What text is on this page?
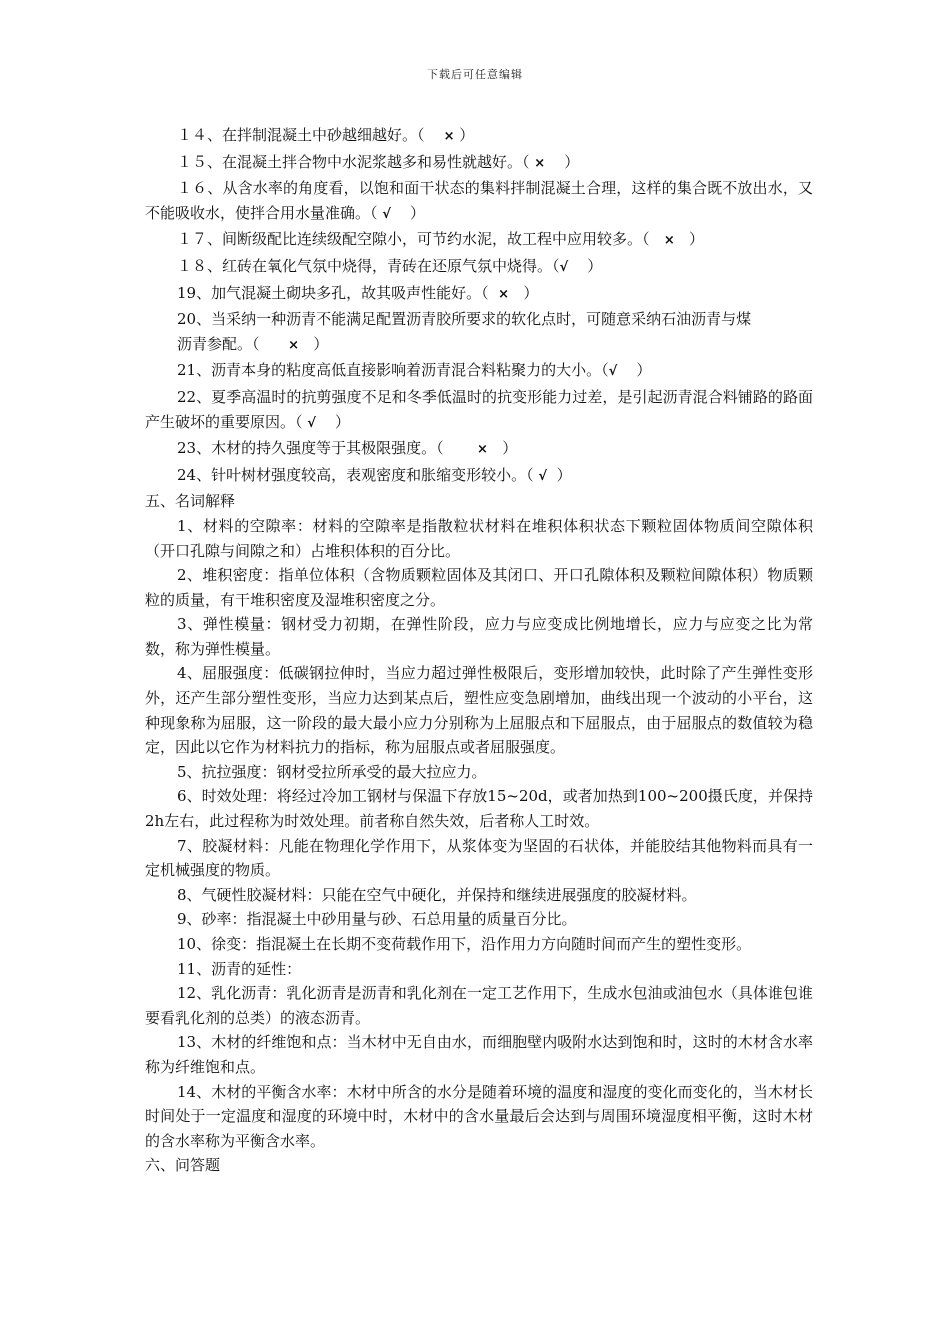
下载后可任意编辑

１４、在拌制混凝土中砂越细越好。（ × ）

１５、在混凝土拌合物中水泥浆越多和易性就越好。（ × ）

１６、从含水率的角度看，以饱和面干状态的集料拌制混凝土合理，这样的集合既不放出水，又不能吸收水，使拌合用水量准确。（ √ ）

１７、间断级配比连续级配空隙小，可节约水泥，故工程中应用较多。（ × ）

１８、红砖在氧化气氛中烧得，青砖在还原气氛中烧得。（√ ）

19、加气混凝土砌块多孔，故其吸声性能好。（ × ）

20、当采纳一种沥青不能满足配置沥青胶所要求的软化点时，可随意采纳石油沥青与煤

沥青参配。（ × ）

21、沥青本身的粘度高低直接影响着沥青混合料粘聚力的大小。（√ ）

22、夏季高温时的抗剪强度不足和冬季低温时的抗变形能力过差，是引起沥青混合料铺路的路面产生破坏的重要原因。（ √ ）

23、木材的持久强度等于其极限强度。（	× ）

24、针叶树材强度较高，表观密度和胀缩变形较小。（ √ ）

五、名词解释

1、材料的空隙率：材料的空隙率是指散粒状材料在堆积体积状态下颗粒固体物质间空隙体积（开口孔隙与间隙之和）占堆积体积的百分比。

2、堆积密度：指单位体积（含物质颗粒固体及其闭口、开口孔隙体积及颗粒间隙体积）物质颗粒的质量，有干堆积密度及湿堆积密度之分。

3、弹性模量：钢材受力初期，在弹性阶段，应力与应变成比例地增长，应力与应变之比为常数，称为弹性模量。

4、屈服强度：低碳钢拉伸时，当应力超过弹性极限后，变形增加较快，此时除了产生弹性变形外，还产生部分塑性变形，当应力达到某点后，塑性应变急剧增加，曲线出现一个波动的小平台，这种现象称为屈服，这一阶段的最大最小应力分别称为上屈服点和下屈服点，由于屈服点的数值较为稳定，因此以它作为材料抗力的指标，称为屈服点或者屈服强度。

5、抗拉强度：钢材受拉所承受的最大拉应力。

6、时效处理：将经过冷加工钢材与保温下存放15~20d，或者加热到100~200摄氏度，并保持2h左右，此过程称为时效处理。前者称自然失效，后者称人工时效。

7、胶凝材料：凡能在物理化学作用下，从浆体变为坚固的石状体，并能胶结其他物料而具有一定机械强度的物质。

8、气硬性胶凝材料：只能在空气中硬化，并保持和继续进展强度的胶凝材料。

9、砂率：指混凝土中砂用量与砂、石总用量的质量百分比。

10、徐变：指混凝土在长期不变荷载作用下，沿作用力方向随时间而产生的塑性变形。

11、沥青的延性：

12、乳化沥青：乳化沥青是沥青和乳化剂在一定工艺作用下，生成水包油或油包水（具体谁包谁要看乳化剂的总类）的液态沥青。

13、木材的纤维饱和点：当木材中无自由水，而细胞壁内吸附水达到饱和时，这时的木材含水率称为纤维饱和点。

14、木材的平衡含水率：木材中所含的水分是随着环境的温度和湿度的变化而变化的，当木材长时间处于一定温度和湿度的环境中时，木材中的含水量最后会达到与周围环境湿度相平衡，这时木材的含水率称为平衡含水率。

六、问答题
